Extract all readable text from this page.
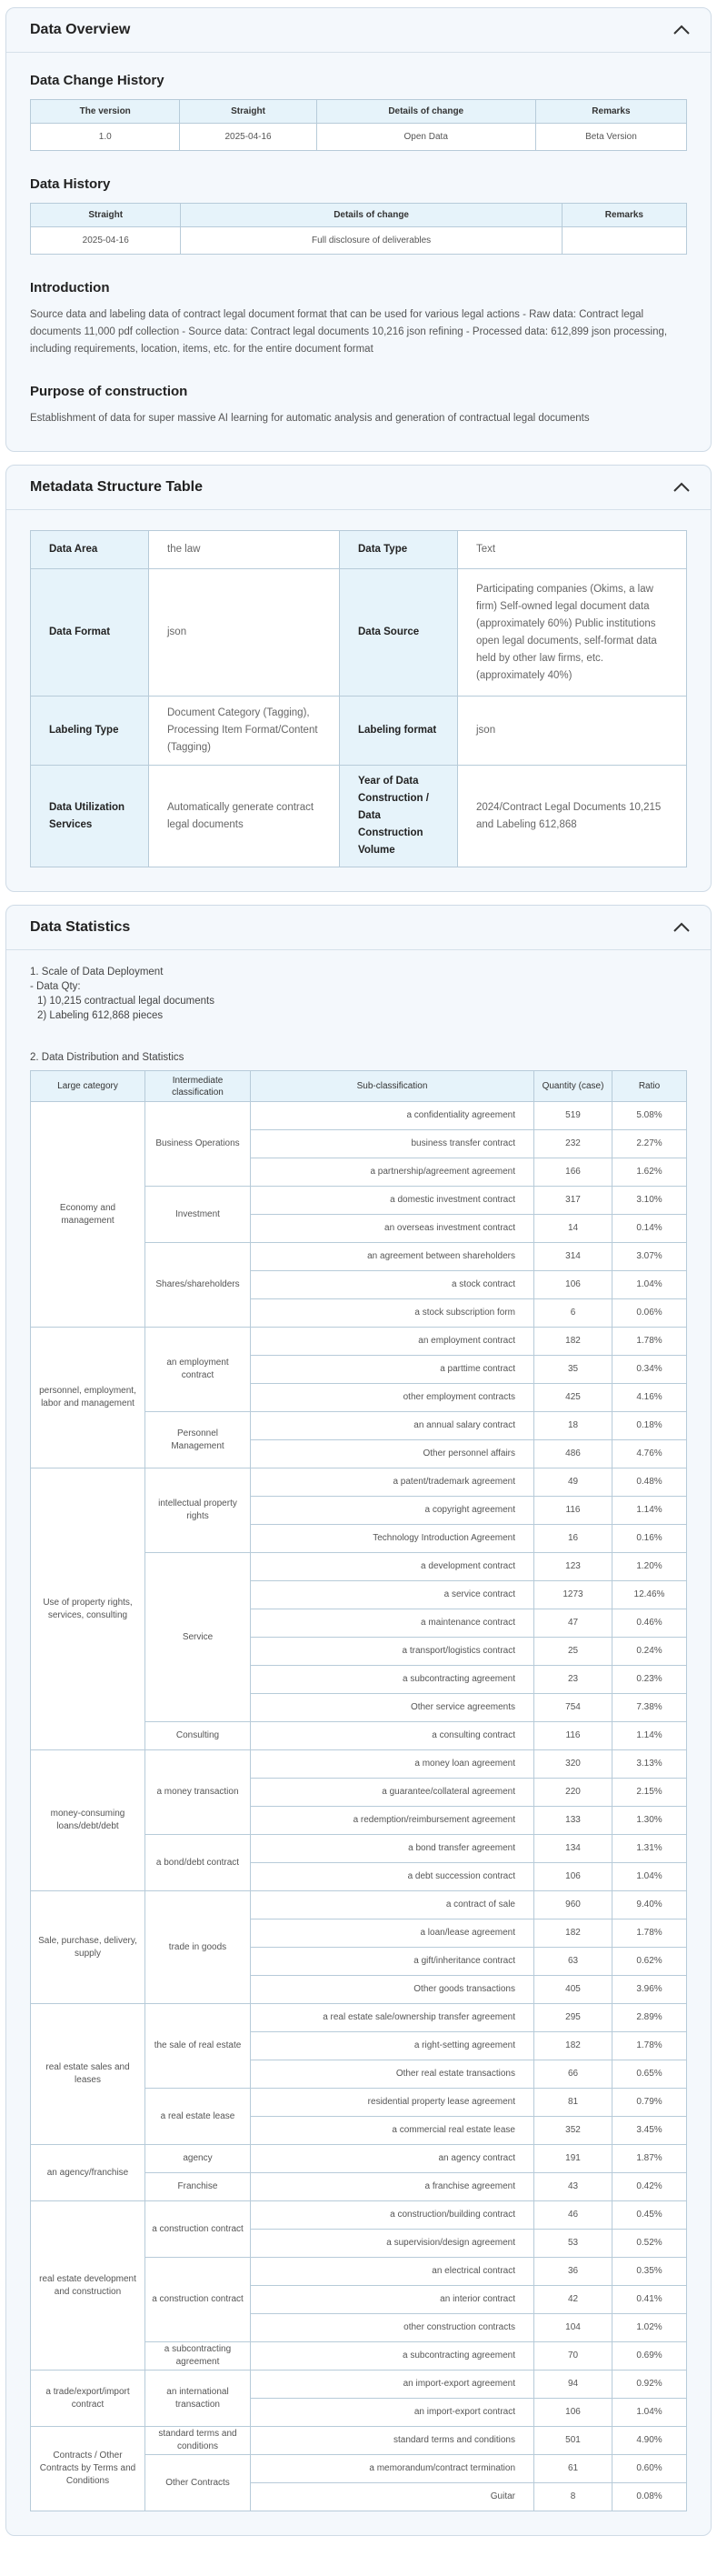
Data Overview
Data Change History
The version	Straight	Details of change	Remarks
1.0	2025-04-16	Open Data	Beta Version
Data History
Straight	Details of change	Remarks
2025-04-16	Full disclosure of deliverables	
Introduction

Source data and labeling data of contract legal document format that can be used for various legal actions - Raw data: Contract legal documents 11,000 pdf collection - Source data: Contract legal documents 10,216 json refining - Processed data: 612,899 json processing, including requirements, location, items, etc. for the entire document format

Purpose of construction

Establishment of data for super massive AI learning for automatic analysis and generation of contractual legal documents

Metadata Structure Table
Data Area	the law	Data Type	Text
Data Format	json	Data Source	Participating companies (Okims, a law firm) Self-owned legal document data (approximately 60%) Public institutions open legal documents, self-format data held by other law firms, etc. (approximately 40%)
Labeling Type	Document Category (Tagging), Processing Item Format/Content (Tagging)	Labeling format	json
Data Utilization Services	Automatically generate contract legal documents	Year of Data Construction / Data Construction Volume	2024/Contract Legal Documents 10,215 and Labeling 612,868
Data Statistics
1. Scale of Data Deployment
- Data Qty:
1) 10,215 contractual legal documents
2) Labeling 612,868 pieces
2. Data Distribution and Statistics
Large category	Intermediate classification	Sub-classification	Quantity (case)	Ratio
Economy and management	Business Operations	a confidentiality agreement	519	5.08%
		business transfer contract	232	2.27%
		a partnership/agreement agreement	166	1.62%
	Investment	a domestic investment contract	317	3.10%
		an overseas investment contract	14	0.14%
	Shares/shareholders	an agreement between shareholders	314	3.07%
		a stock contract	106	1.04%
		a stock subscription form	6	0.06%
personnel, employment, labor and management	an employment contract	an employment contract	182	1.78%
		a parttime contract	35	0.34%
		other employment contracts	425	4.16%
	Personnel Management	an annual salary contract	18	0.18%
		Other personnel affairs	486	4.76%
Use of property rights, services, consulting	intellectual property rights	a patent/trademark agreement	49	0.48%
		a copyright agreement	116	1.14%
		Technology Introduction Agreement	16	0.16%
	Service	a development contract	123	1.20%
		a service contract	1273	12.46%
		a maintenance contract	47	0.46%
		a transport/logistics contract	25	0.24%
		a subcontracting agreement	23	0.23%
		Other service agreements	754	7.38%
	Consulting	a consulting contract	116	1.14%
money-consuming loans/debt/debt	a money transaction	a money loan agreement	320	3.13%
		a guarantee/collateral agreement	220	2.15%
		a redemption/reimbursement agreement	133	1.30%
	a bond/debt contract	a bond transfer agreement	134	1.31%
		a debt succession contract	106	1.04%
Sale, purchase, delivery, supply	trade in goods	a contract of sale	960	9.40%
		a loan/lease agreement	182	1.78%
		a gift/inheritance contract	63	0.62%
		Other goods transactions	405	3.96%
real estate sales and leases	the sale of real estate	a real estate sale/ownership transfer agreement	295	2.89%
		a right-setting agreement	182	1.78%
		Other real estate transactions	66	0.65%
	a real estate lease	residential property lease agreement	81	0.79%
		a commercial real estate lease	352	3.45%
an agency/franchise	agency	an agency contract	191	1.87%
	Franchise	a franchise agreement	43	0.42%
real estate development and construction	a construction contract	a construction/building contract	46	0.45%
		a supervision/design agreement	53	0.52%
	a construction contract	an electrical contract	36	0.35%
		an interior contract	42	0.41%
		other construction contracts	104	1.02%
	a subcontracting agreement	a subcontracting agreement	70	0.69%
a trade/export/import contract	an international transaction	an import-export agreement	94	0.92%
		an import-export contract	106	1.04%
Contracts / Other Contracts by Terms and Conditions	standard terms and conditions	standard terms and conditions	501	4.90%
	Other Contracts	a memorandum/contract termination	61	0.60%
		Guitar	8	0.08%
